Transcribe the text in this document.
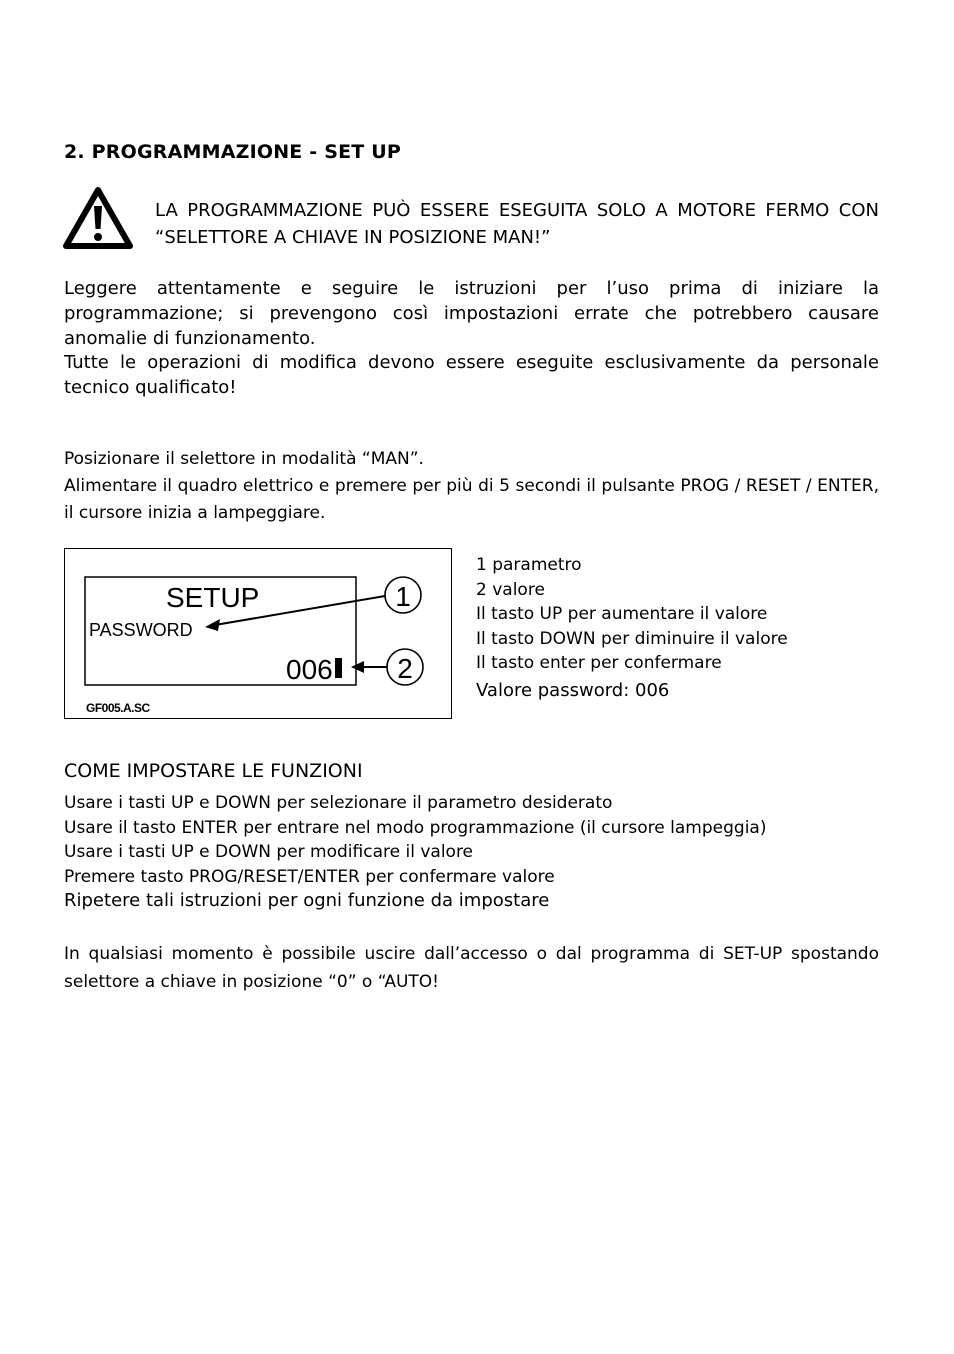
2. PROGRAMMAZIONE - SET UP
LA PROGRAMMAZIONE PUÒ ESSERE ESEGUITA SOLO A MOTORE FERMO CON “SELETTORE A CHIAVE IN POSIZIONE MAN!”
Leggere attentamente e seguire le istruzioni per l’uso prima di iniziare la programmazione; si prevengono così impostazioni errate che potrebbero causare anomalie di funzionamento.
Tutte le operazioni di modifica devono essere eseguite esclusivamente da personale tecnico qualificato!
Posizionare il selettore in modalità “MAN”.
Alimentare il quadro elettrico e premere per più di 5 secondi il pulsante PROG / RESET / ENTER, il cursore inizia a lampeggiare.
SETUP
PASSWORD
006
1
2
GF005.A.SC
1 parametro
2 valore
Il tasto UP per aumentare il valore
Il tasto DOWN per diminuire il valore
Il tasto enter per confermare
Valore password: 006
COME IMPOSTARE LE FUNZIONI
Usare i tasti UP e DOWN per selezionare il parametro desiderato
Usare il tasto ENTER per entrare nel modo programmazione (il cursore lampeggia)
Usare i tasti UP e DOWN per modificare il valore
Premere tasto PROG/RESET/ENTER per confermare valore
Ripetere tali istruzioni per ogni funzione da impostare
In qualsiasi momento è possibile uscire dall’accesso o dal programma di SET-UP spostando selettore a chiave in posizione “0” o “AUTO!
